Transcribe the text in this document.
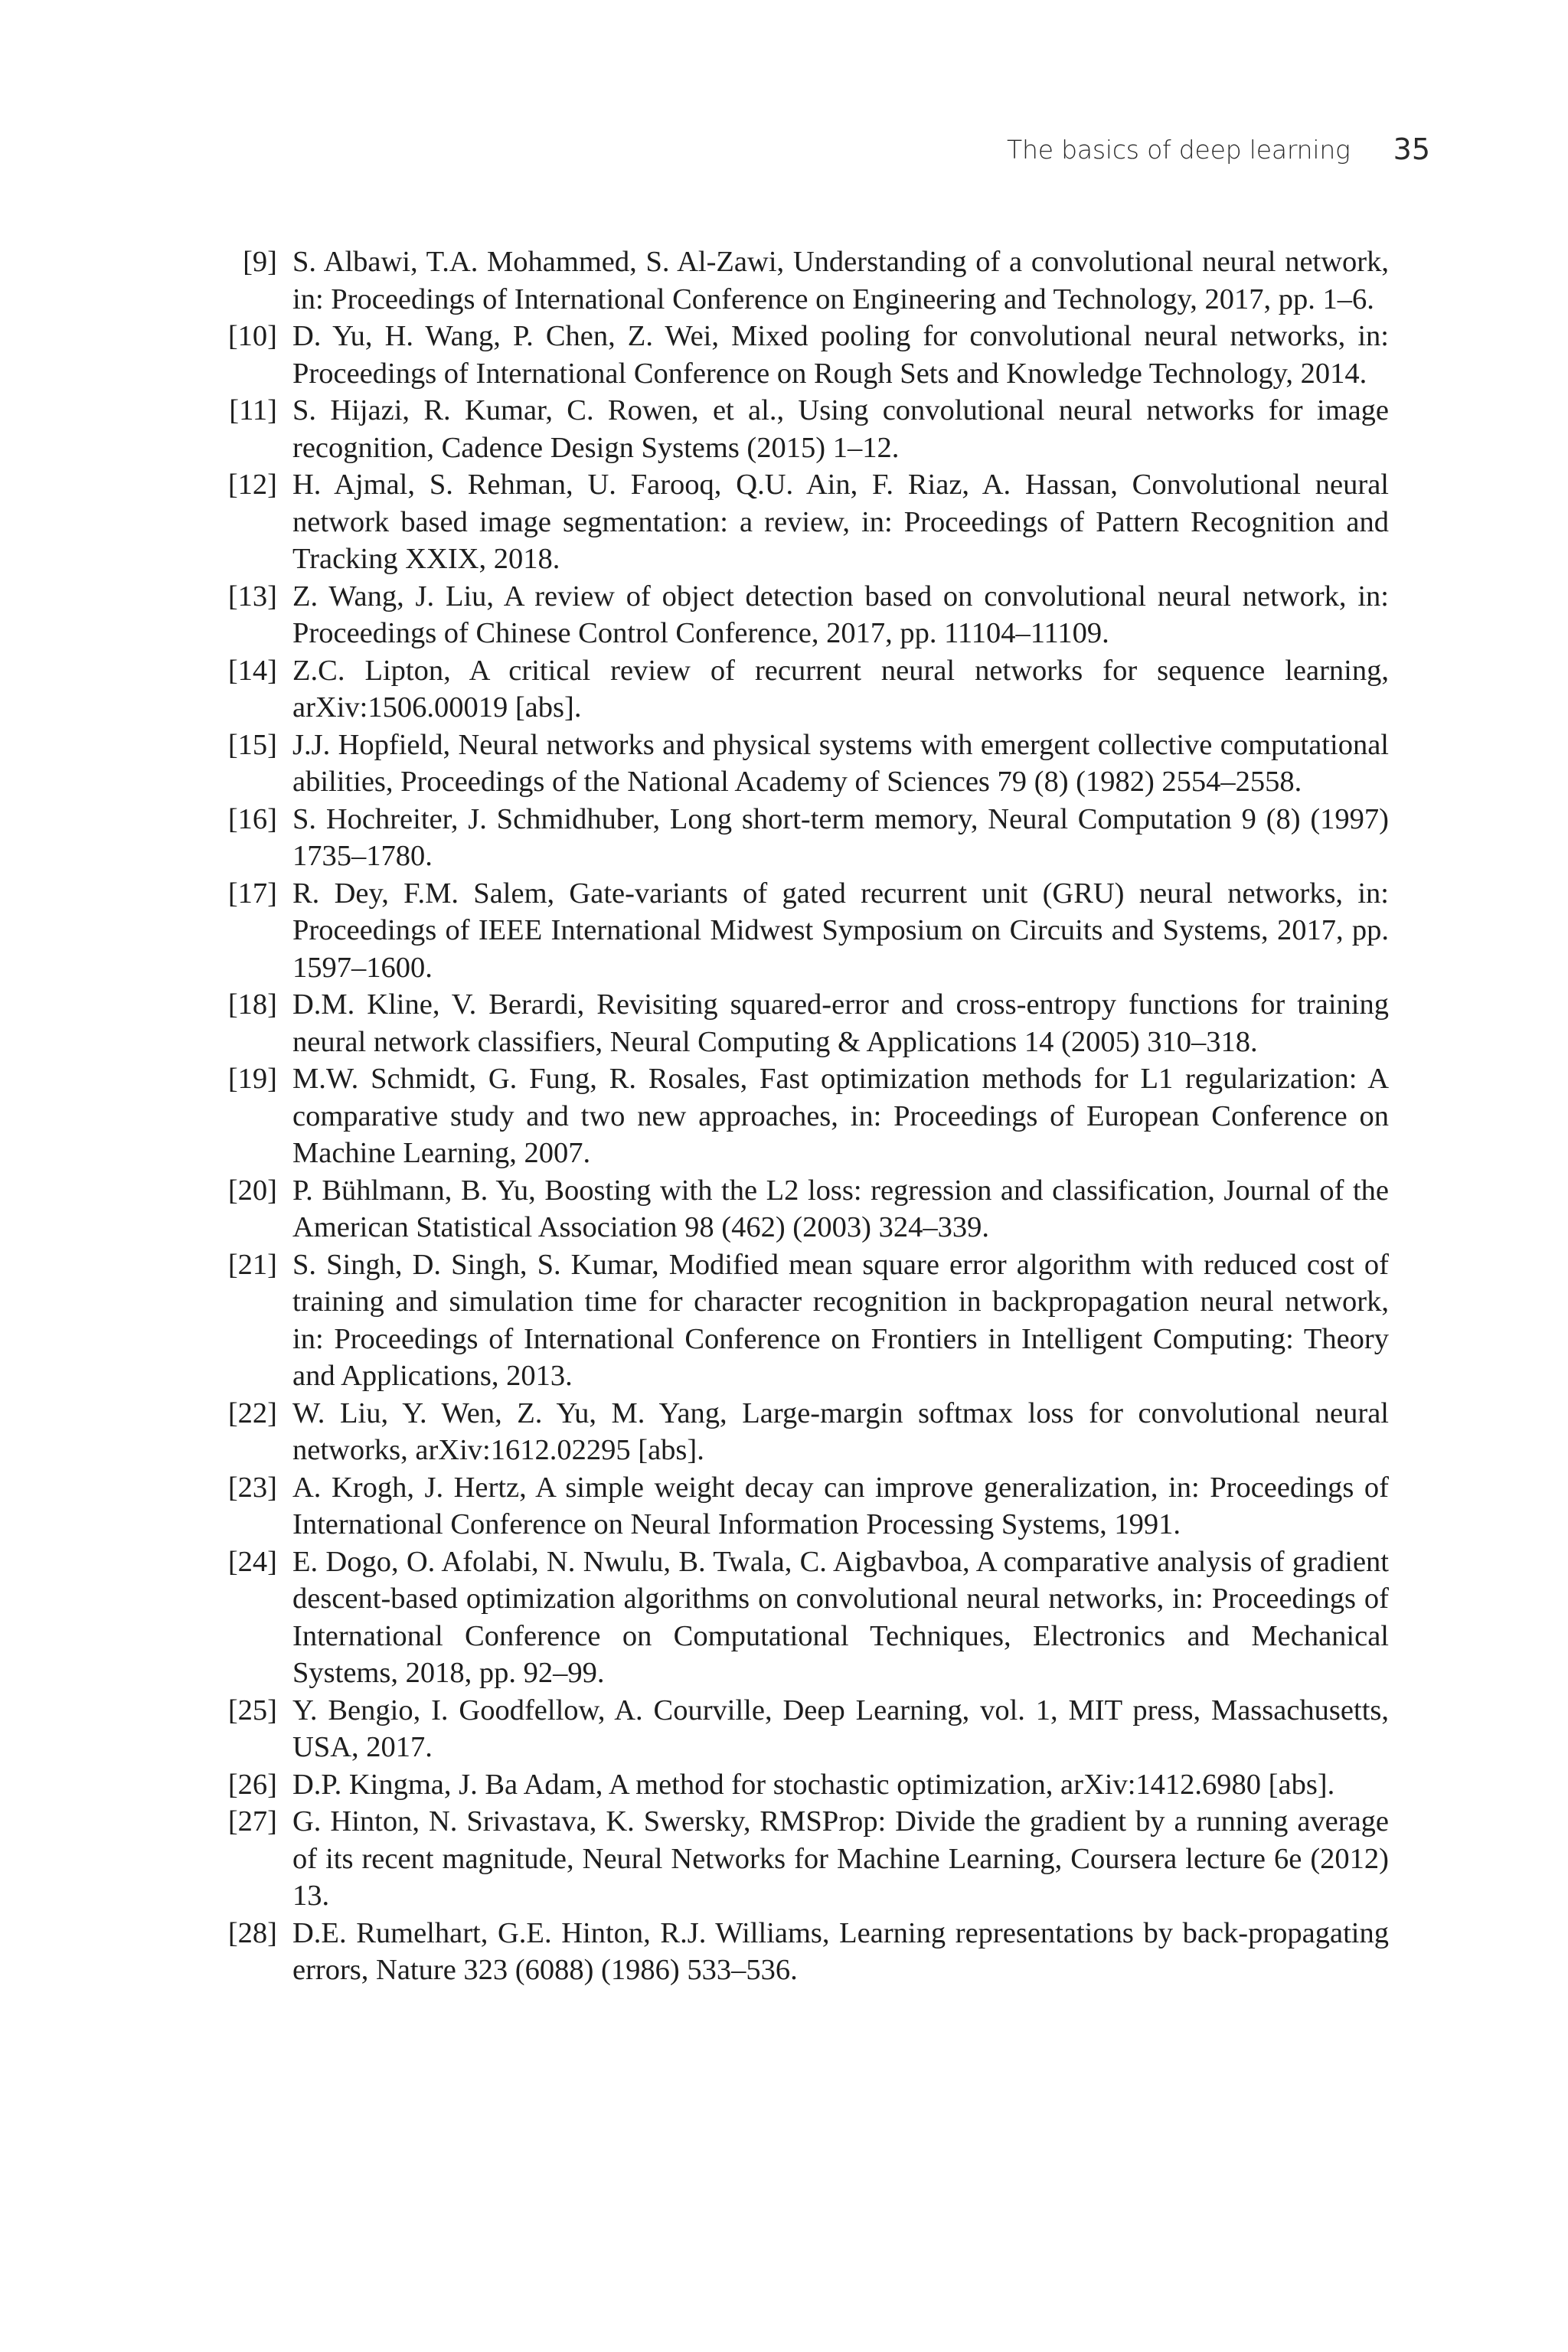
The basics of deep learning 35
[9] S. Albawi, T.A. Mohammed, S. Al-Zawi, Understanding of a convolutional neural network, in: Proceedings of International Conference on Engineering and Technology, 2017, pp. 1–6.
[10] D. Yu, H. Wang, P. Chen, Z. Wei, Mixed pooling for convolutional neural networks, in: Proceedings of International Conference on Rough Sets and Knowledge Technology, 2014.
[11] S. Hijazi, R. Kumar, C. Rowen, et al., Using convolutional neural networks for image recognition, Cadence Design Systems (2015) 1–12.
[12] H. Ajmal, S. Rehman, U. Farooq, Q.U. Ain, F. Riaz, A. Hassan, Convolutional neural network based image segmentation: a review, in: Proceedings of Pattern Recognition and Tracking XXIX, 2018.
[13] Z. Wang, J. Liu, A review of object detection based on convolutional neural network, in: Proceedings of Chinese Control Conference, 2017, pp. 11104–11109.
[14] Z.C. Lipton, A critical review of recurrent neural networks for sequence learning, arXiv:1506.00019 [abs].
[15] J.J. Hopfield, Neural networks and physical systems with emergent collective computational abilities, Proceedings of the National Academy of Sciences 79 (8) (1982) 2554–2558.
[16] S. Hochreiter, J. Schmidhuber, Long short-term memory, Neural Computation 9 (8) (1997) 1735–1780.
[17] R. Dey, F.M. Salem, Gate-variants of gated recurrent unit (GRU) neural networks, in: Proceedings of IEEE International Midwest Symposium on Circuits and Systems, 2017, pp. 1597–1600.
[18] D.M. Kline, V. Berardi, Revisiting squared-error and cross-entropy functions for training neural network classifiers, Neural Computing & Applications 14 (2005) 310–318.
[19] M.W. Schmidt, G. Fung, R. Rosales, Fast optimization methods for L1 regularization: A comparative study and two new approaches, in: Proceedings of European Conference on Machine Learning, 2007.
[20] P. Bühlmann, B. Yu, Boosting with the L2 loss: regression and classification, Journal of the American Statistical Association 98 (462) (2003) 324–339.
[21] S. Singh, D. Singh, S. Kumar, Modified mean square error algorithm with reduced cost of training and simulation time for character recognition in backpropagation neural network, in: Proceedings of International Conference on Frontiers in Intelligent Computing: Theory and Applications, 2013.
[22] W. Liu, Y. Wen, Z. Yu, M. Yang, Large-margin softmax loss for convolutional neural networks, arXiv:1612.02295 [abs].
[23] A. Krogh, J. Hertz, A simple weight decay can improve generalization, in: Proceedings of International Conference on Neural Information Processing Systems, 1991.
[24] E. Dogo, O. Afolabi, N. Nwulu, B. Twala, C. Aigbavboa, A comparative analysis of gradient descent-based optimization algorithms on convolutional neural networks, in: Proceedings of International Conference on Computational Techniques, Electronics and Mechanical Systems, 2018, pp. 92–99.
[25] Y. Bengio, I. Goodfellow, A. Courville, Deep Learning, vol. 1, MIT press, Massachusetts, USA, 2017.
[26] D.P. Kingma, J. Ba Adam, A method for stochastic optimization, arXiv:1412.6980 [abs].
[27] G. Hinton, N. Srivastava, K. Swersky, RMSProp: Divide the gradient by a running average of its recent magnitude, Neural Networks for Machine Learning, Coursera lecture 6e (2012) 13.
[28] D.E. Rumelhart, G.E. Hinton, R.J. Williams, Learning representations by back-propagating errors, Nature 323 (6088) (1986) 533–536.
